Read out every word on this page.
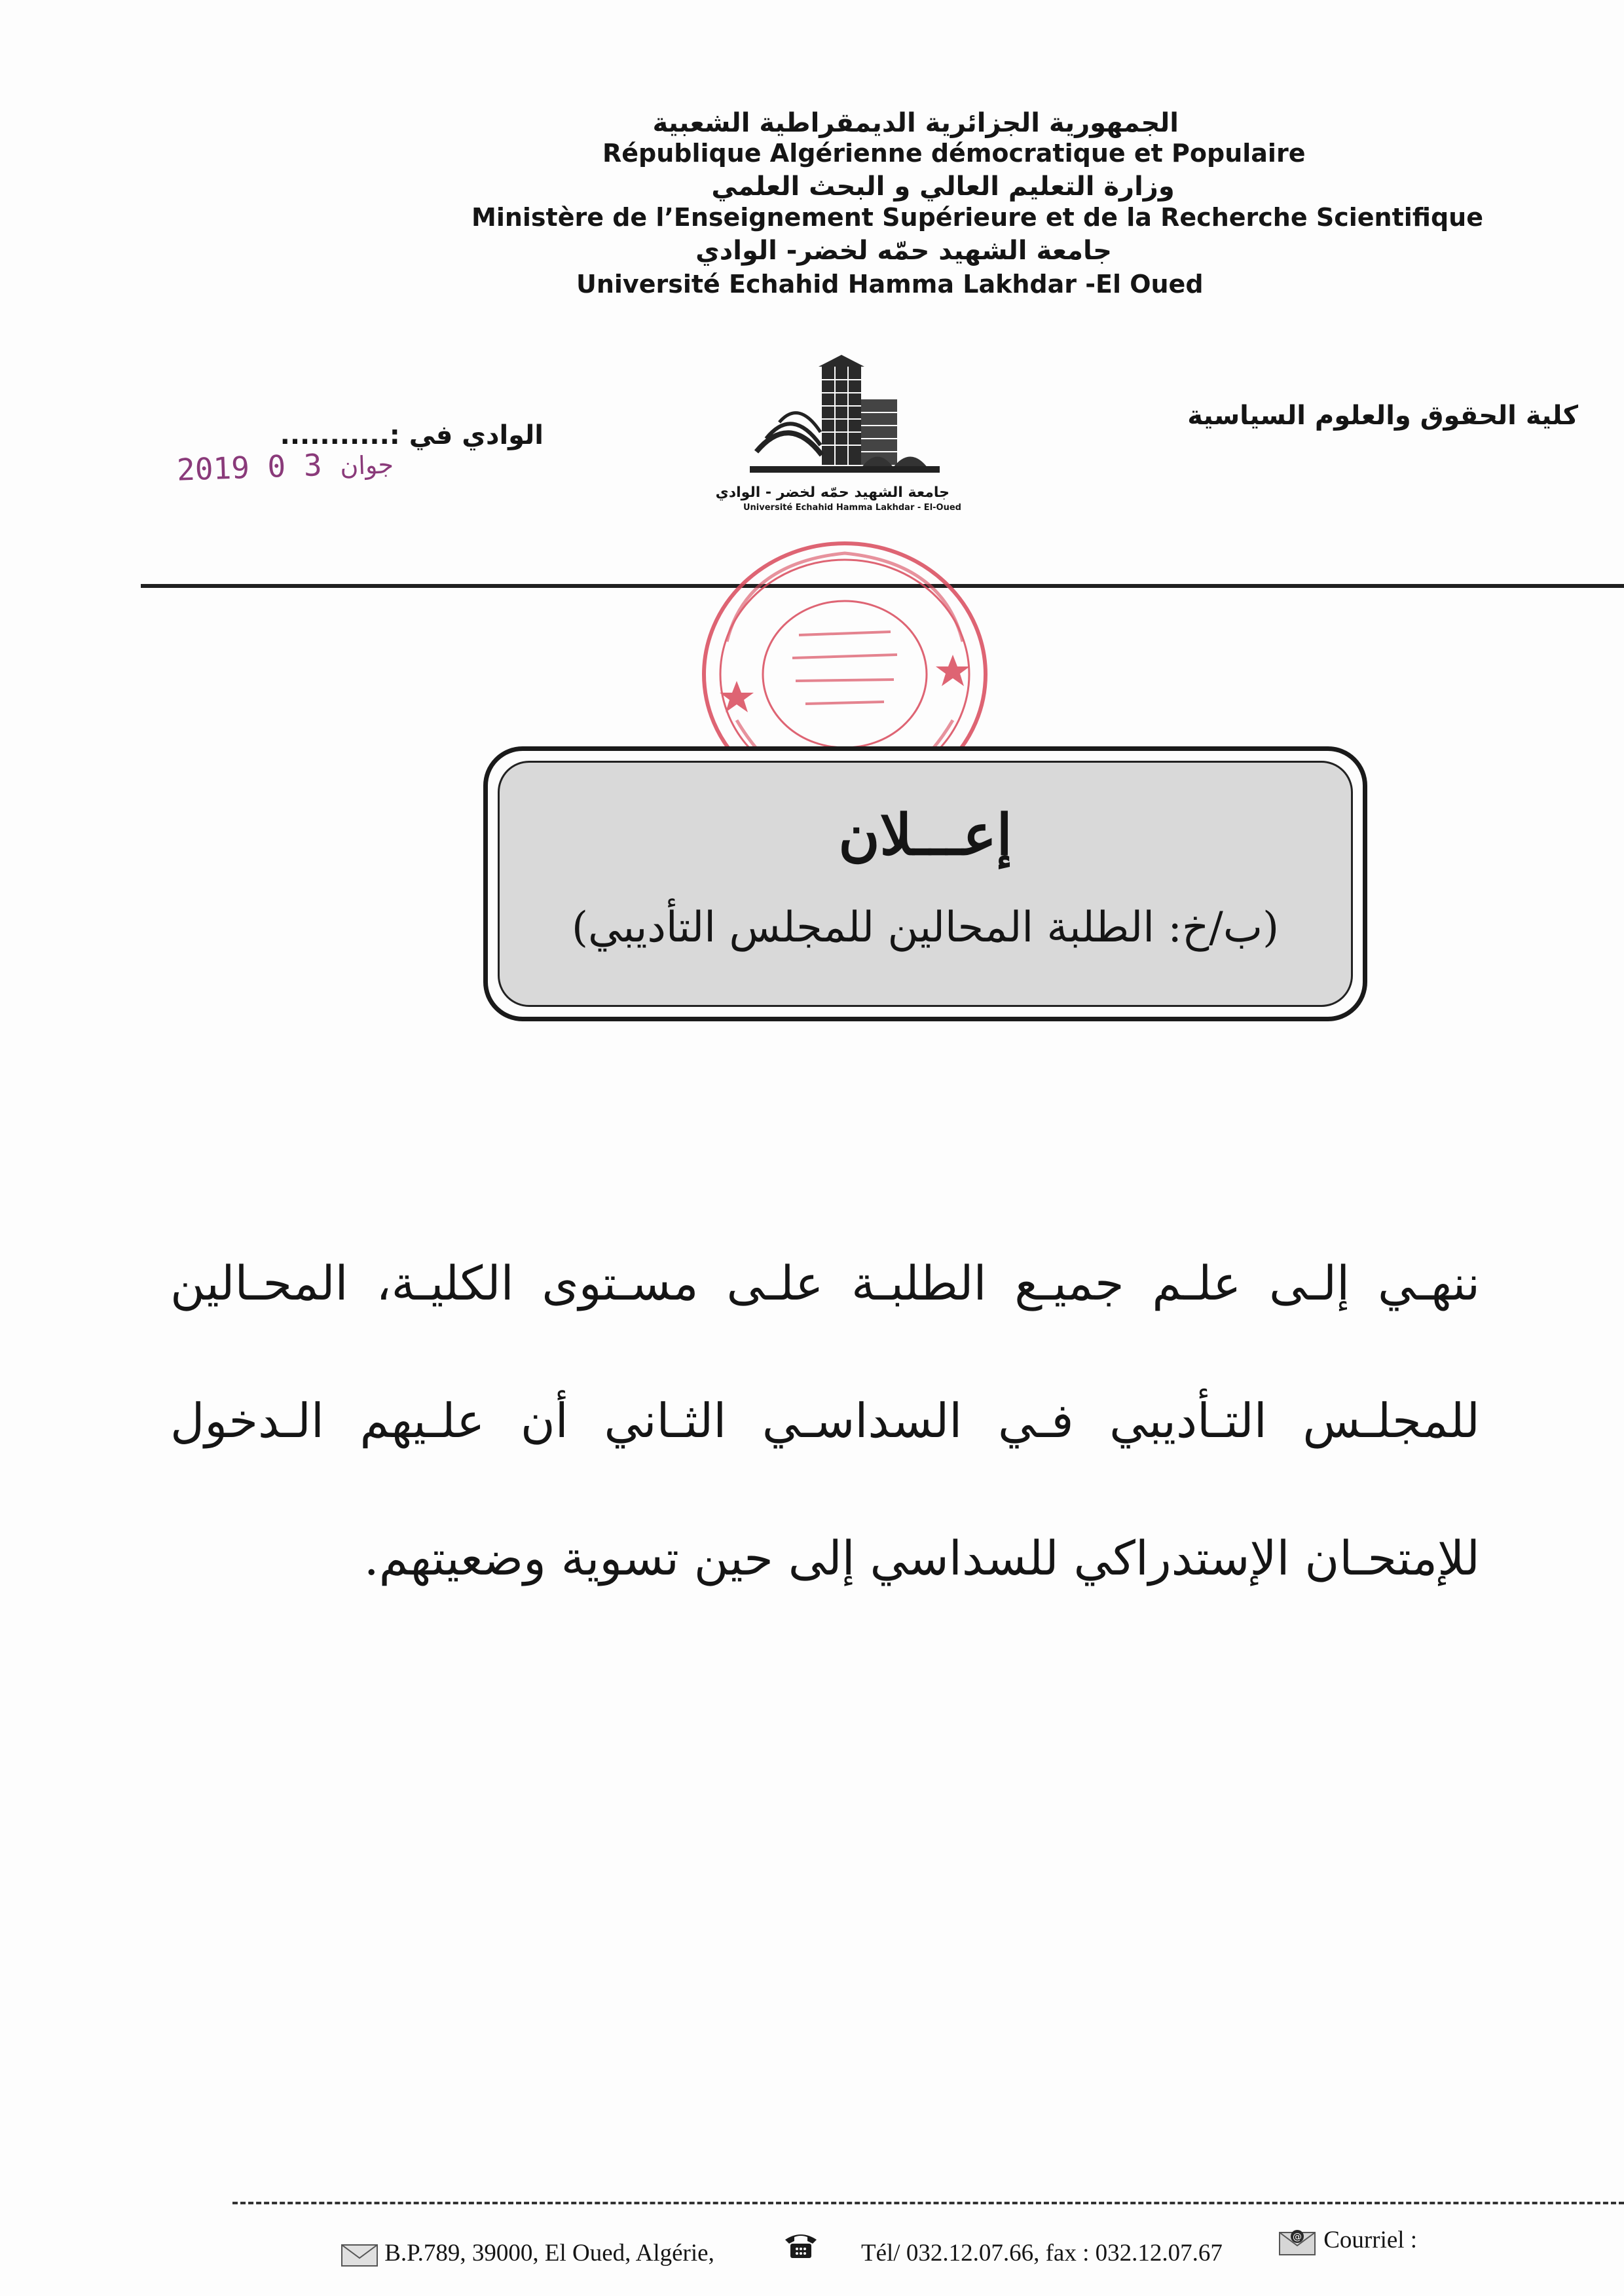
الجمهورية الجزائرية الديمقراطية الشعبية
République Algérienne démocratique et Populaire
وزارة التعليم العالي و البحث العلمي
Ministère de l’Enseignement Supérieure et de la Recherche Scientifique
جامعة الشهيد حمّه لخضر- الوادي
Université Echahid Hamma Lakhdar -El Oued
كلية الحقوق والعلوم السياسية
الوادي في :...........
2019	جوان 3 0
جامعة الشهيد حمّه لخضر - الوادي
Université Echahid Hamma Lakhdar - El-Oued
إعـــلان
(ب/خ: الطلبة المحالين للمجلس التأديبي)

ننهـي إلـى علـم جميـع الطلبـة علـى مسـتوى الكليـة، المحـالين للمجلـس التـأديبي فـي السداسـي الثـاني أن علـيهم الـدخول للإمتحـان الإستدراكي للسداسي إلى حين تسوية وضعيتهم.

B.P.789, 39000, El Oued, Algérie,	Tél/ 032.12.07.66, fax : 032.12.07.67
@ Courriel :
